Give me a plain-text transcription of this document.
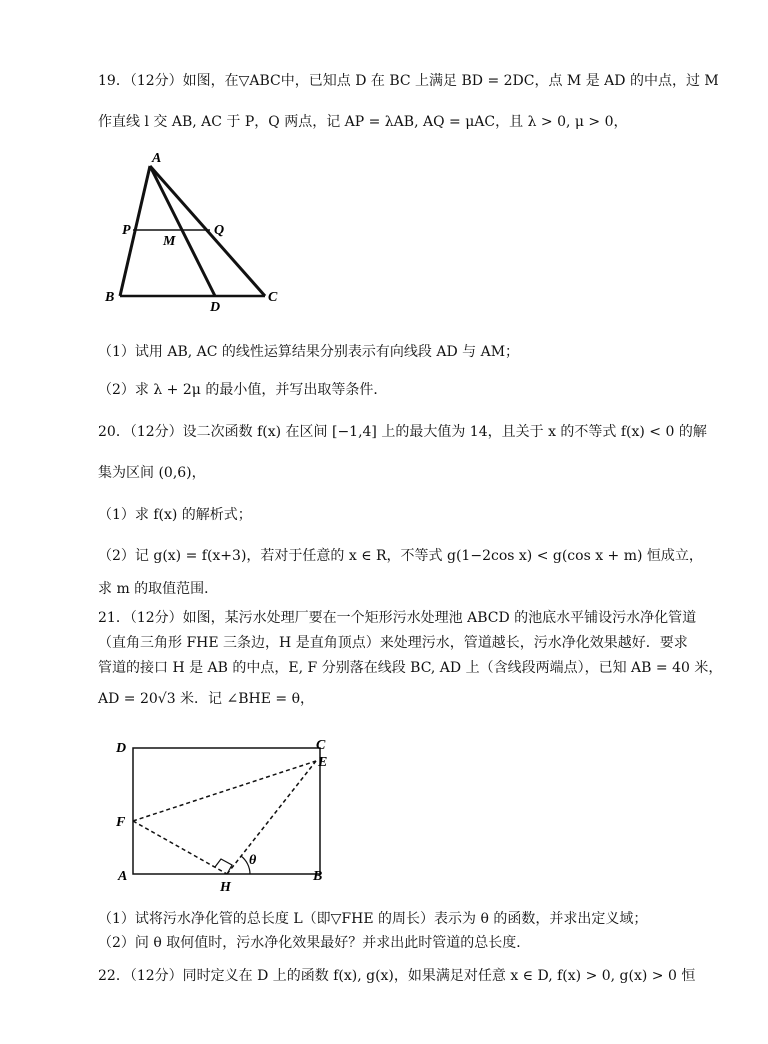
19．（12分）如图，在▽ABC中，已知点 D 在 BC 上满足 BD = 2DC，点 M 是 AD 的中点，过 M
作直线 l 交 AB, AC 于 P，Q 两点，记 AP = λAB, AQ = μAC，且 λ > 0, μ > 0，
A
P
M
Q
B
D
C
（1）试用 AB, AC 的线性运算结果分别表示有向线段 AD 与 AM；
（2）求 λ + 2μ 的最小值，并写出取等条件．
20．（12分）设二次函数 f(x) 在区间 [−1,4] 上的最大值为 14，且关于 x 的不等式 f(x) < 0 的解
集为区间 (0,6)，
（1）求 f(x) 的解析式；
（2）记 g(x) = f(x+3)，若对于任意的 x ∈ R，不等式 g(1−2cos x) < g(cos x + m) 恒成立，
求 m 的取值范围．
21．（12分）如图，某污水处理厂要在一个矩形污水处理池 ABCD 的池底水平铺设污水净化管道
（直角三角形 FHE 三条边，H 是直角顶点）来处理污水，管道越长，污水净化效果越好．要求
管道的接口 H 是 AB 的中点，E, F 分别落在线段 BC, AD 上（含线段两端点），已知 AB = 40 米，
AD = 20√3 米．记 ∠BHE = θ，
D	C
E
F
A
H
B
θ
（1）试将污水净化管的总长度 L（即▽FHE 的周长）表示为 θ 的函数，并求出定义域；
（2）问 θ 取何值时，污水净化效果最好？并求出此时管道的总长度．
22．（12分）同时定义在 D 上的函数 f(x), g(x)，如果满足对任意 x ∈ D, f(x) > 0, g(x) > 0 恒
